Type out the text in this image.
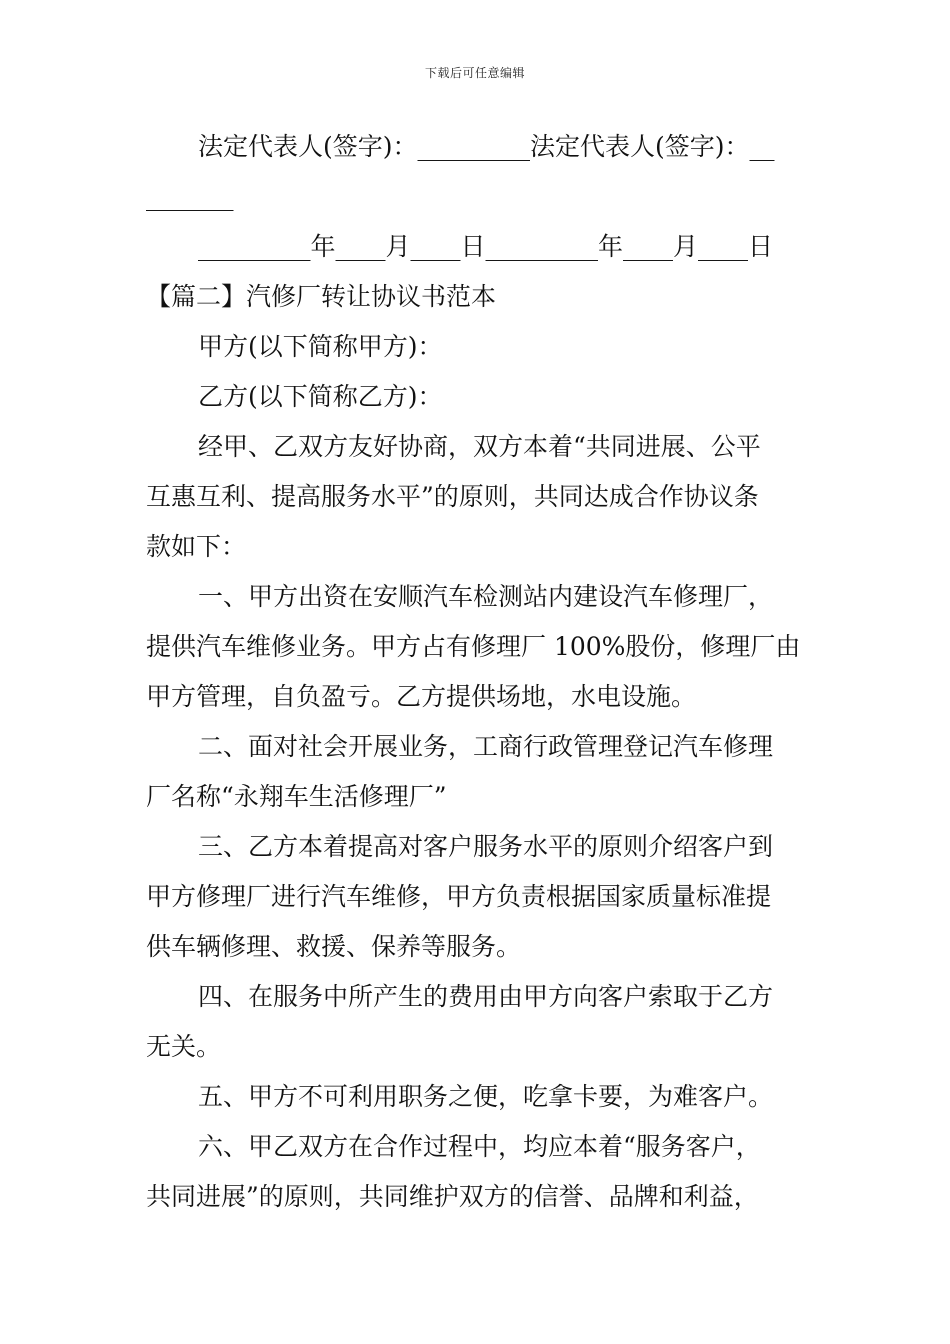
下载后可任意编辑
法定代表人(签字)：_________法定代表人(签字)：__
_______
_________年____月____日_________年____月____日
【篇二】汽修厂转让协议书范本
甲方(以下简称甲方)：
乙方(以下简称乙方)：
经甲、乙双方友好协商，双方本着“共同进展、公平
互惠互利、提高服务水平”的原则，共同达成合作协议条
款如下：
一、甲方出资在安顺汽车检测站内建设汽车修理厂，
提供汽车维修业务。甲方占有修理厂 100%股份，修理厂由
甲方管理，自负盈亏。乙方提供场地，水电设施。
二、面对社会开展业务，工商行政管理登记汽车修理
厂名称“永翔车生活修理厂”
三、乙方本着提高对客户服务水平的原则介绍客户到
甲方修理厂进行汽车维修，甲方负责根据国家质量标准提
供车辆修理、救援、保养等服务。
四、在服务中所产生的费用由甲方向客户索取于乙方
无关。
五、甲方不可利用职务之便，吃拿卡要，为难客户。
六、甲乙双方在合作过程中，均应本着“服务客户，
共同进展”的原则，共同维护双方的信誉、品牌和利益，
